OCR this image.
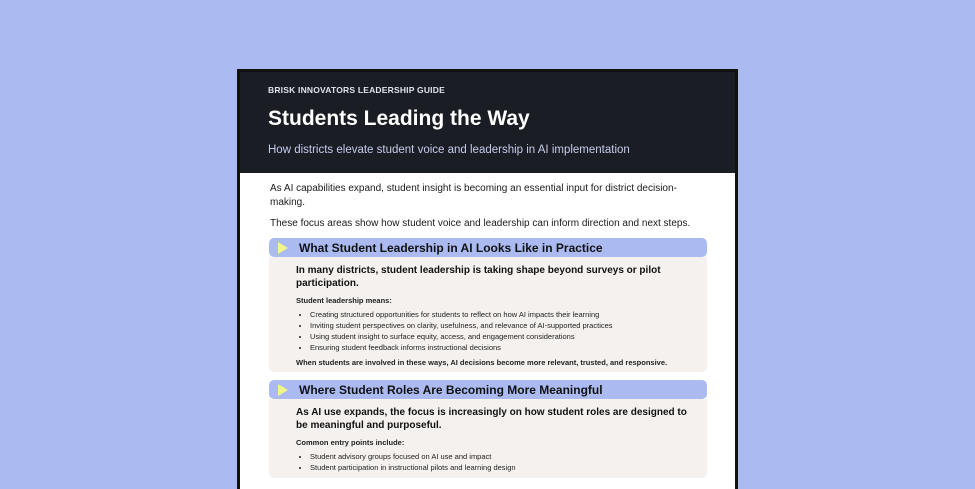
BRISK INNOVATORS LEADERSHIP GUIDE
Students Leading the Way
How districts elevate student voice and leadership in AI implementation

As AI capabilities expand, student insight is becoming an essential input for district decision-making.

These focus areas show how student voice and leadership can inform direction and next steps.

What Student Leadership in AI Looks Like in Practice

In many districts, student leadership is taking shape beyond surveys or pilot participation.

Student leadership means:

• Creating structured opportunities for students to reflect on how AI impacts their learning
• Inviting student perspectives on clarity, usefulness, and relevance of AI-supported practices
• Using student insight to surface equity, access, and engagement considerations
• Ensuring student feedback informs instructional decisions

When students are involved in these ways, AI decisions become more relevant, trusted, and responsive.

Where Student Roles Are Becoming More Meaningful

As AI use expands, the focus is increasingly on how student roles are designed to be meaningful and purposeful.

Common entry points include:

• Student advisory groups focused on AI use and impact
• Student participation in instructional pilots and learning design
